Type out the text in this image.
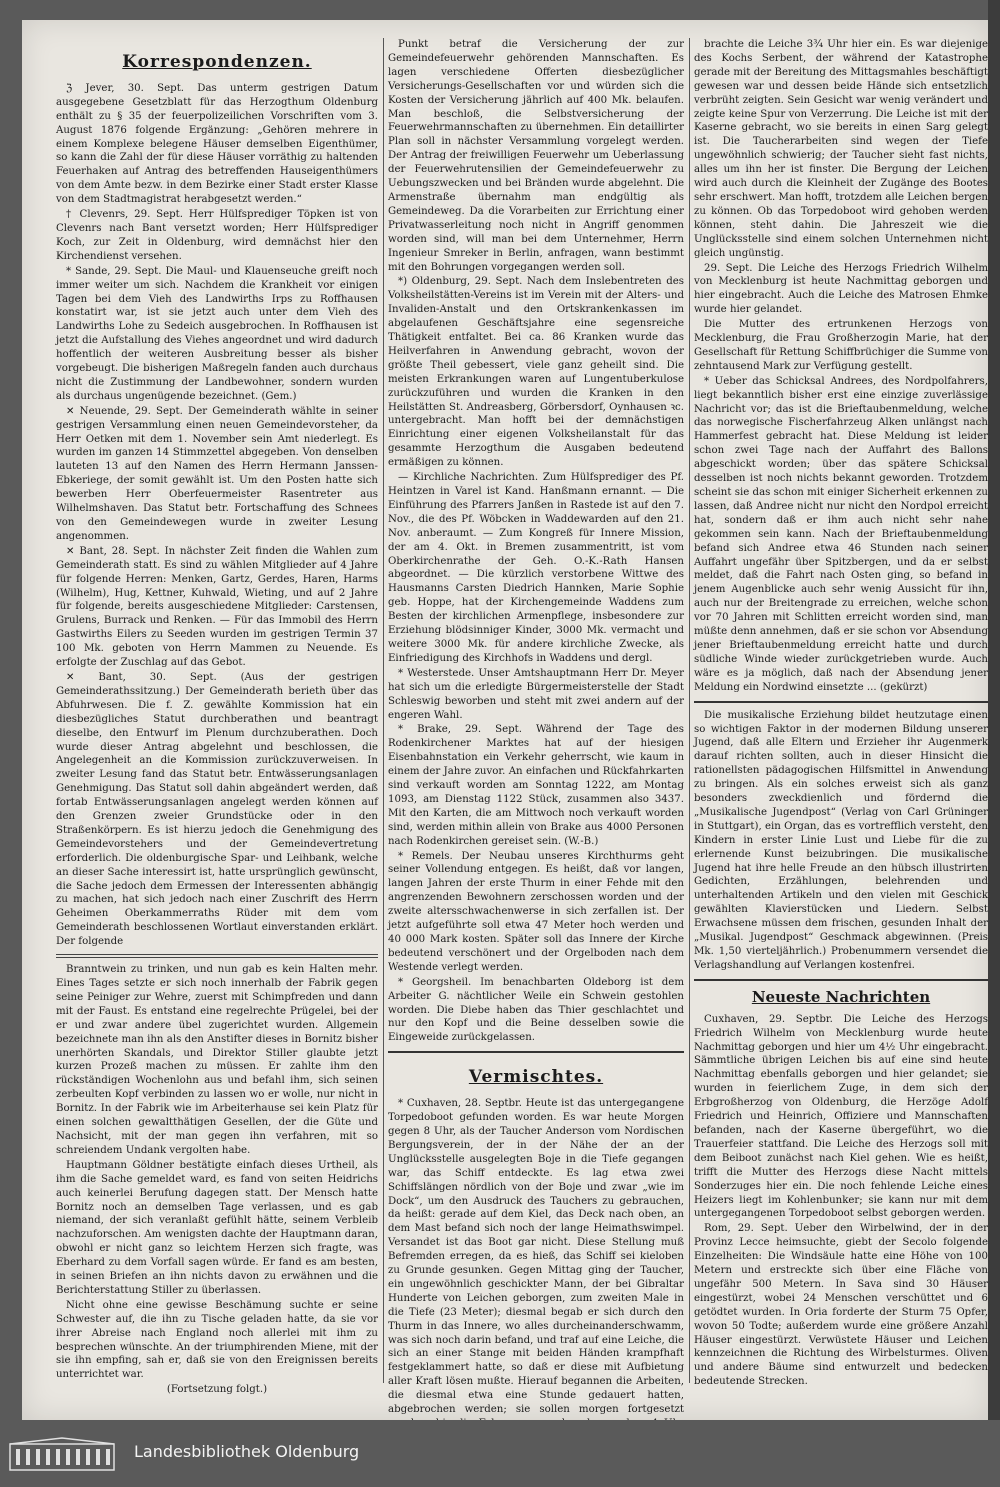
Korrespondenzen.

ℨ Jever, 30. Sept. Das unterm gestrigen Datum ausgegebene Gesetzblatt für das Herzogthum Oldenburg enthält zu § 35 der feuerpolizeilichen Vorschriften vom 3. August 1876 folgende Ergänzung: „Gehören mehrere in einem Komplexe belegene Häuser demselben Eigenthümer, so kann die Zahl der für diese Häuser vorräthig zu haltenden Feuerhaken auf Antrag des betreffenden Hauseigenthümers von dem Amte bezw. in dem Bezirke einer Stadt erster Klasse von dem Stadtmagistrat herabgesetzt werden.“

† Clevenrs, 29. Sept. Herr Hülfsprediger Töpken ist von Clevenrs nach Bant versetzt worden; Herr Hülfsprediger Koch, zur Zeit in Oldenburg, wird demnächst hier den Kirchendienst versehen.

* Sande, 29. Sept. Die Maul- und Klauenseuche greift noch immer weiter um sich. Nachdem die Krankheit vor einigen Tagen bei dem Vieh des Landwirths Irps zu Roffhausen konstatirt war, ist sie jetzt auch unter dem Vieh des Landwirths Lohe zu Sedeich ausgebrochen. In Roffhausen ist jetzt die Aufstallung des Viehes angeordnet und wird dadurch hoffentlich der weiteren Ausbreitung besser als bisher vorgebeugt. Die bisherigen Maßregeln fanden auch durchaus nicht die Zustimmung der Landbewohner, sondern wurden als durchaus ungenügende bezeichnet. (Gem.)

✕ Neuende, 29. Sept. Der Gemeinderath wählte in seiner gestrigen Versammlung einen neuen Gemeindevorsteher, da Herr Oetken mit dem 1. November sein Amt niederlegt. Es wurden im ganzen 14 Stimmzettel abgegeben. Von denselben lauteten 13 auf den Namen des Herrn Hermann Janssen-Ebkeriege, der somit gewählt ist. Um den Posten hatte sich bewerben Herr Oberfeuermeister Rasentreter aus Wilhelmshaven. Das Statut betr. Fortschaffung des Schnees von den Gemeindewegen wurde in zweiter Lesung angenommen.

✕ Bant, 28. Sept. In nächster Zeit finden die Wahlen zum Gemeinderath statt. Es sind zu wählen Mitglieder auf 4 Jahre für folgende Herren: Menken, Gartz, Gerdes, Haren, Harms (Wilhelm), Hug, Kettner, Kuhwald, Wieting, und auf 2 Jahre für folgende, bereits ausgeschiedene Mitglieder: Carstensen, Grulens, Burrack und Renken. — Für das Immobil des Herrn Gastwirths Eilers zu Seeden wurden im gestrigen Termin 37 100 Mk. geboten von Herrn Mammen zu Neuende. Es erfolgte der Zuschlag auf das Gebot.

✕ Bant, 30. Sept. (Aus der gestrigen Gemeinderathssitzung.) Der Gemeinderath berieth über das Abfuhrwesen. Die f. Z. gewählte Kommission hat ein diesbezügliches Statut durchberathen und beantragt dieselbe, den Entwurf im Plenum durchzuberathen. Doch wurde dieser Antrag abgelehnt und beschlossen, die Angelegenheit an die Kommission zurückzuverweisen. In zweiter Lesung fand das Statut betr. Entwässerungsanlagen Genehmigung. Das Statut soll dahin abgeändert werden, daß fortab Entwässerungsanlagen angelegt werden können auf den Grenzen zweier Grundstücke oder in den Straßenkörpern. Es ist hierzu jedoch die Genehmigung des Gemeindevorstehers und der Gemeindevertretung erforderlich. Die oldenburgische Spar- und Leihbank, welche an dieser Sache interessirt ist, hatte ursprünglich gewünscht, die Sache jedoch dem Ermessen der Interessenten abhängig zu machen, hat sich jedoch nach einer Zuschrift des Herrn Geheimen Oberkammerraths Rüder mit dem vom Gemeinderath beschlossenen Wortlaut einverstanden erklärt. Der folgende

Branntwein zu trinken, und nun gab es kein Halten mehr. Eines Tages setzte er sich noch innerhalb der Fabrik gegen seine Peiniger zur Wehre, zuerst mit Schimpfreden und dann mit der Faust. Es entstand eine regelrechte Prügelei, bei der er und zwar andere übel zugerichtet wurden. Allgemein bezeichnete man ihn als den Anstifter dieses in Bornitz bisher unerhörten Skandals, und Direktor Stiller glaubte jetzt kurzen Prozeß machen zu müssen. Er zahlte ihm den rückständigen Wochenlohn aus und befahl ihm, sich seinen zerbeulten Kopf verbinden zu lassen wo er wolle, nur nicht in Bornitz. In der Fabrik wie im Arbeiterhause sei kein Platz für einen solchen gewaltthätigen Gesellen, der die Güte und Nachsicht, mit der man gegen ihn verfahren, mit so schreiendem Undank vergolten habe.

Hauptmann Göldner bestätigte einfach dieses Urtheil, als ihm die Sache gemeldet ward, es fand von seiten Heidrichs auch keinerlei Berufung dagegen statt. Der Mensch hatte Bornitz noch an demselben Tage verlassen, und es gab niemand, der sich veranlaßt gefühlt hätte, seinem Verbleib nachzuforschen. Am wenigsten dachte der Hauptmann daran, obwohl er nicht ganz so leichtem Herzen sich fragte, was Eberhard zu dem Vorfall sagen würde. Er fand es am besten, in seinen Briefen an ihn nichts davon zu erwähnen und die Berichterstattung Stiller zu überlassen.

Nicht ohne eine gewisse Beschämung suchte er seine Schwester auf, die ihn zu Tische geladen hatte, da sie vor ihrer Abreise nach England noch allerlei mit ihm zu besprechen wünschte. An der triumphirenden Miene, mit der sie ihn empfing, sah er, daß sie von den Ereignissen bereits unterrichtet war.

(Fortsetzung folgt.)

Punkt betraf die Versicherung der zur Gemeindefeuerwehr gehörenden Mannschaften. Es lagen verschiedene Offerten diesbezüglicher Versicherungs-Gesellschaften vor und würden sich die Kosten der Versicherung jährlich auf 400 Mk. belaufen. Man beschloß, die Selbstversicherung der Feuerwehrmannschaften zu übernehmen. Ein detaillirter Plan soll in nächster Versammlung vorgelegt werden. Der Antrag der freiwilligen Feuerwehr um Ueberlassung der Feuerwehrutensilien der Gemeindefeuerwehr zu Uebungszwecken und bei Bränden wurde abgelehnt. Die Armenstraße übernahm man endgültig als Gemeindeweg. Da die Vorarbeiten zur Errichtung einer Privatwasserleitung noch nicht in Angriff genommen worden sind, will man bei dem Unternehmer, Herrn Ingenieur Smreker in Berlin, anfragen, wann bestimmt mit den Bohrungen vorgegangen werden soll.

*) Oldenburg, 29. Sept. Nach dem Inslebentreten des Volksheilstätten-Vereins ist im Verein mit der Alters- und Invaliden-Anstalt und den Ortskrankenkassen im abgelaufenen Geschäftsjahre eine segensreiche Thätigkeit entfaltet. Bei ca. 86 Kranken wurde das Heilverfahren in Anwendung gebracht, wovon der größte Theil gebessert, viele ganz geheilt sind. Die meisten Erkrankungen waren auf Lungentuberkulose zurückzuführen und wurden die Kranken in den Heilstätten St. Andreasberg, Görbersdorf, Oynhausen ꝛc. untergebracht. Man hofft bei der demnächstigen Einrichtung einer eigenen Volksheilanstalt für das gesammte Herzogthum die Ausgaben bedeutend ermäßigen zu können.

— Kirchliche Nachrichten. Zum Hülfsprediger des Pf. Heintzen in Varel ist Kand. Hanßmann ernannt. — Die Einführung des Pfarrers Janßen in Rastede ist auf den 7. Nov., die des Pf. Wöbcken in Waddewarden auf den 21. Nov. anberaumt. — Zum Kongreß für Innere Mission, der am 4. Okt. in Bremen zusammentritt, ist vom Oberkirchenrathe der Geh. O.-K.-Rath Hansen abgeordnet. — Die kürzlich verstorbene Wittwe des Hausmanns Carsten Diedrich Hannken, Marie Sophie geb. Hoppe, hat der Kirchengemeinde Waddens zum Besten der kirchlichen Armenpflege, insbesondere zur Erziehung blödsinniger Kinder, 3000 Mk. vermacht und weitere 3000 Mk. für andere kirchliche Zwecke, als Einfriedigung des Kirchhofs in Waddens und dergl.

* Westerstede. Unser Amtshauptmann Herr Dr. Meyer hat sich um die erledigte Bürgermeisterstelle der Stadt Schleswig beworben und steht mit zwei andern auf der engeren Wahl.

* Brake, 29. Sept. Während der Tage des Rodenkirchener Marktes hat auf der hiesigen Eisenbahnstation ein Verkehr geherrscht, wie kaum in einem der Jahre zuvor. An einfachen und Rückfahrkarten sind verkauft worden am Sonntag 1222, am Montag 1093, am Dienstag 1122 Stück, zusammen also 3437. Mit den Karten, die am Mittwoch noch verkauft worden sind, werden mithin allein von Brake aus 4000 Personen nach Rodenkirchen gereiset sein. (W.-B.)

* Remels. Der Neubau unseres Kirchthurms geht seiner Vollendung entgegen. Es heißt, daß vor langen, langen Jahren der erste Thurm in einer Fehde mit den angrenzenden Bewohnern zerschossen worden und der zweite altersschwachenwerse in sich zerfallen ist. Der jetzt aufgeführte soll etwa 47 Meter hoch werden und 40 000 Mark kosten. Später soll das Innere der Kirche bedeutend verschönert und der Orgelboden nach dem Westende verlegt werden.

* Georgsheil. Im benachbarten Oldeborg ist dem Arbeiter G. nächtlicher Weile ein Schwein gestohlen worden. Die Diebe haben das Thier geschlachtet und nur den Kopf und die Beine desselben sowie die Eingeweide zurückgelassen.

Vermischtes.

* Cuxhaven, 28. Septbr. Heute ist das untergegangene Torpedoboot gefunden worden. Es war heute Morgen gegen 8 Uhr, als der Taucher Anderson vom Nordischen Bergungsverein, der in der Nähe der an der Unglücksstelle ausgelegten Boje in die Tiefe gegangen war, das Schiff entdeckte. Es lag etwa zwei Schiffslängen nördlich von der Boje und zwar „wie im Dock“, um den Ausdruck des Tauchers zu gebrauchen, da heißt: gerade auf dem Kiel, das Deck nach oben, an dem Mast befand sich noch der lange Heimathswimpel. Versandet ist das Boot gar nicht. Diese Stellung muß Befremden erregen, da es hieß, das Schiff sei kieloben zu Grunde gesunken. Gegen Mittag ging der Taucher, ein ungewöhnlich geschickter Mann, der bei Gibraltar Hunderte von Leichen geborgen, zum zweiten Male in die Tiefe (23 Meter); diesmal begab er sich durch den Thurm in das Innere, wo alles durcheinanderschwamm, was sich noch darin befand, und traf auf eine Leiche, die sich an einer Stange mit beiden Händen krampfhaft festgeklammert hatte, so daß er diese mit Aufbietung aller Kraft lösen mußte. Hierauf begannen die Arbeiten, die diesmal etwa eine Stunde gedauert hatten, abgebrochen werden; sie sollen morgen fortgesetzt

brachte die Leiche 3¾ Uhr hier ein. Es war diejenige des Kochs Serbent, der während der Katastrophe gerade mit der Bereitung des Mittagsmahles beschäftigt gewesen war und dessen beide Hände sich entsetzlich verbrüht zeigten. Sein Gesicht war wenig verändert und zeigte keine Spur von Verzerrung. Die Leiche ist mit der Kaserne gebracht, wo sie bereits in einen Sarg gelegt ist. Die Taucherarbeiten sind wegen der Tiefe ungewöhnlich schwierig; der Taucher sieht fast nichts, alles um ihn her ist finster. Die Bergung der Leichen wird auch durch die Kleinheit der Zugänge des Bootes sehr erschwert. Man hofft, trotzdem alle Leichen bergen zu können. Ob das Torpedoboot wird gehoben werden können, steht dahin. Die Jahreszeit wie die Unglücksstelle sind einem solchen Unternehmen nicht gleich ungünstig.

29. Sept. Die Leiche des Herzogs Friedrich Wilhelm von Mecklenburg ist heute Nachmittag geborgen und hier eingebracht. Auch die Leiche des Matrosen Ehmke wurde hier gelandet.

Die Mutter des ertrunkenen Herzogs von Mecklenburg, die Frau Großherzogin Marie, hat der Gesellschaft für Rettung Schiffbrüchiger die Summe von zehntausend Mark zur Verfügung gestellt.

* Ueber das Schicksal Andrees, des Nordpolfahrers, liegt bekanntlich bisher erst eine einzige zuverlässige Nachricht vor; das ist die Brieftaubenmeldung, welche das norwegische Fischerfahrzeug Alken unlängst nach Hammerfest gebracht hat. Diese Meldung ist leider schon zwei Tage nach der Auffahrt des Ballons abgeschickt worden; über das spätere Schicksal desselben ist noch nichts bekannt geworden. Trotzdem scheint sie das schon mit einiger Sicherheit erkennen zu lassen, daß Andree nicht nur nicht den Nordpol erreicht hat, sondern daß er ihm auch nicht sehr nahe gekommen sein kann. Nach der Brieftaubenmeldung befand sich Andree etwa 46 Stunden nach seiner Auffahrt ungefähr über Spitzbergen, und da er selbst meldet, daß die Fahrt nach Osten ging, so befand in jenem Augenblicke auch sehr wenig Aussicht für ihn, auch nur der Breitengrade zu erreichen, welche schon vor 70 Jahren mit Schlitten erreicht worden sind, man müßte denn annehmen, daß er sie schon vor Absendung jener Brieftaubenmeldung erreicht hatte und durch südliche Winde wieder zurückgetrieben wurde. Auch wäre es ja möglich, daß nach der Absendung jener Meldung ein Nordwind einsetzte ... (gekürzt)

Die musikalische Erziehung bildet heutzutage einen so wichtigen Faktor in der modernen Bildung unserer Jugend, daß alle Eltern und Erzieher ihr Augenmerk darauf richten sollten, auch in dieser Hinsicht die rationellsten pädagogischen Hilfsmittel in Anwendung zu bringen. Als ein solches erweist sich als ganz besonders zweckdienlich und fördernd die „Musikalische Jugendpost“ (Verlag von Carl Grüninger in Stuttgart), ein Organ, das es vortrefflich versteht, den Kindern in erster Linie Lust und Liebe für die zu erlernende Kunst beizubringen. Die musikalische Jugend hat ihre helle Freude an den hübsch illustrirten Gedichten, Erzählungen, belehrenden und unterhaltenden Artikeln und den vielen mit Geschick gewählten Klavierstücken und Liedern. Selbst Erwachsene müssen dem frischen, gesunden Inhalt der „Musikal. Jugendpost“ Geschmack abgewinnen. (Preis Mk. 1,50 vierteljährlich.) Probenummern versendet die Verlagshandlung auf Verlangen kostenfrei.

Neueste Nachrichten

Cuxhaven, 29. Septbr. Die Leiche des Herzogs Friedrich Wilhelm von Mecklenburg wurde heute Nachmittag geborgen und hier um 4½ Uhr eingebracht. Sämmtliche übrigen Leichen bis auf eine sind heute Nachmittag ebenfalls geborgen und hier gelandet; sie wurden in feierlichem Zuge, in dem sich der Erbgroßherzog von Oldenburg, die Herzöge Adolf Friedrich und Heinrich, Offiziere und Mannschaften befanden, nach der Kaserne übergeführt, wo die Trauerfeier stattfand. Die Leiche des Herzogs soll mit dem Beiboot zunächst nach Kiel gehen. Wie es heißt, trifft die Mutter des Herzogs diese Nacht mittels Sonderzuges hier ein. Die noch fehlende Leiche eines Heizers liegt im Kohlenbunker; sie kann nur mit dem untergegangenen Torpedoboot selbst geborgen werden.

Rom, 29. Sept. Ueber den Wirbelwind, der in der Provinz Lecce heimsuchte, giebt der Secolo folgende Einzelheiten: Die Windsäule hatte eine Höhe von 100 Metern und erstreckte sich über eine Fläche von ungefähr 500 Metern. In Sava sind 30 Häuser eingestürzt, wobei 24 Menschen verschüttet und 6 getödtet wurden. In Oria forderte der Sturm 75 Opfer, wovon 50 Todte; außerdem wurde eine größere Anzahl Häuser eingestürzt. Verwüstete Häuser und Leichen kennzeichnen die Richtung des Wirbelsturmes. Oliven und andere Bäume sind entwurzelt und bedecken bedeutende Strecken.

Landesbibliothek Oldenburg
